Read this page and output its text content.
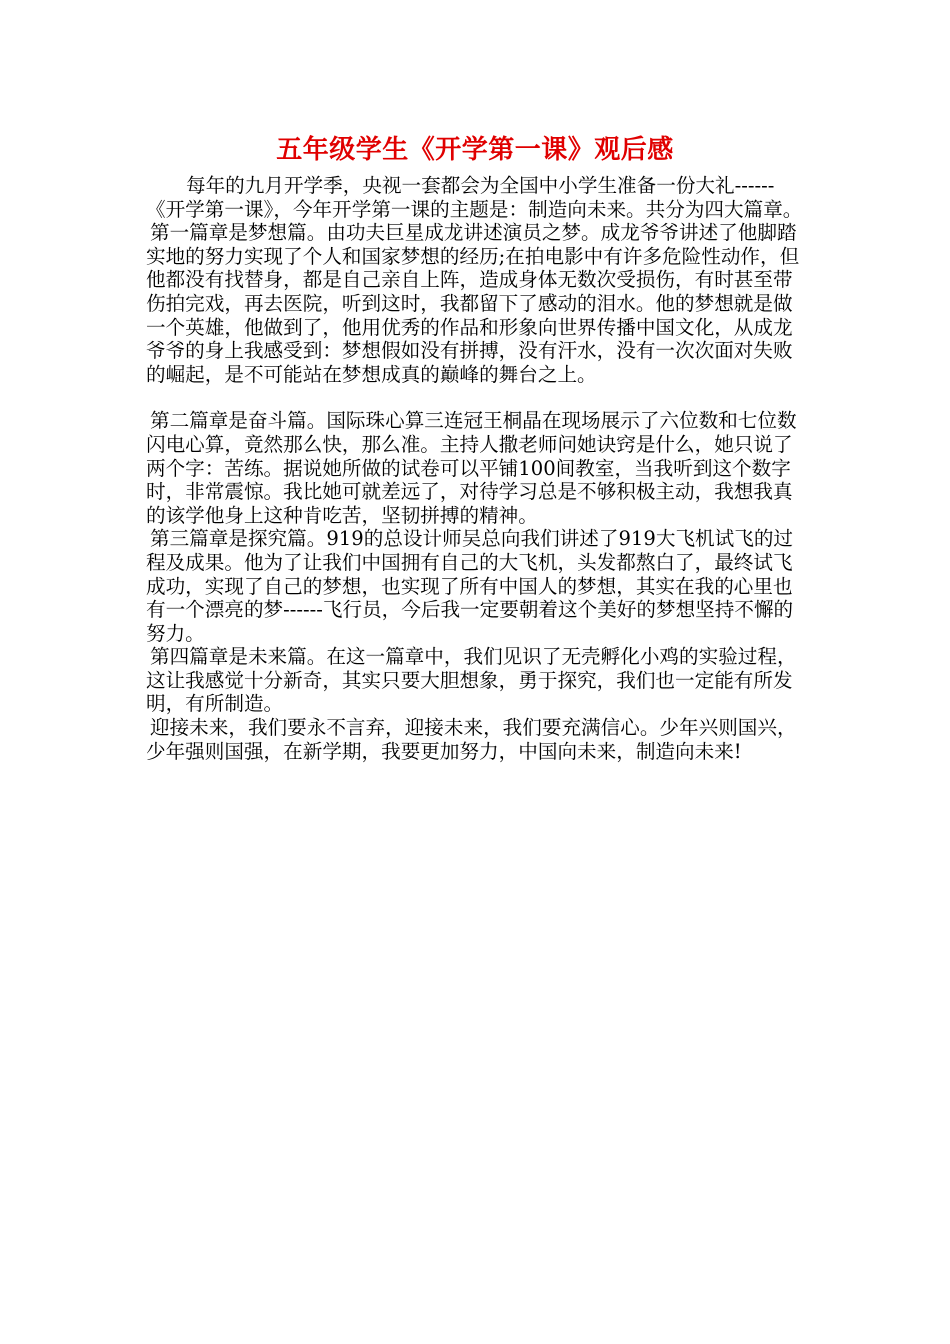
五年级学生《开学第一课》观后感

每年的九月开学季，央视一套都会为全国中小学生准备一份大礼------《开学第一课》，今年开学第一课的主题是：制造向未来。共分为四大篇章。

第一篇章是梦想篇。由功夫巨星成龙讲述演员之梦。成龙爷爷讲述了他脚踏实地的努力实现了个人和国家梦想的经历;在拍电影中有许多危险性动作，但他都没有找替身，都是自己亲自上阵，造成身体无数次受损伤，有时甚至带伤拍完戏，再去医院，听到这时，我都留下了感动的泪水。他的梦想就是做一个英雄，他做到了，他用优秀的作品和形象向世界传播中国文化，从成龙爷爷的身上我感受到：梦想假如没有拼搏，没有汗水，没有一次次面对失败的崛起，是不可能站在梦想成真的巅峰的舞台之上。

第二篇章是奋斗篇。国际珠心算三连冠王桐晶在现场展示了六位数和七位数闪电心算，竟然那么快，那么准。主持人撒老师问她诀窍是什么，她只说了两个字：苦练。据说她所做的试卷可以平铺100间教室，当我听到这个数字时，非常震惊。我比她可就差远了，对待学习总是不够积极主动，我想我真的该学他身上这种肯吃苦，坚韧拼搏的精神。

第三篇章是探究篇。919的总设计师吴总向我们讲述了919大飞机试飞的过程及成果。他为了让我们中国拥有自己的大飞机，头发都熬白了，最终试飞成功，实现了自己的梦想，也实现了所有中国人的梦想，其实在我的心里也有一个漂亮的梦------飞行员，今后我一定要朝着这个美好的梦想坚持不懈的努力。

第四篇章是未来篇。在这一篇章中，我们见识了无壳孵化小鸡的实验过程，这让我感觉十分新奇，其实只要大胆想象，勇于探究，我们也一定能有所发明，有所制造。

迎接未来，我们要永不言弃，迎接未来，我们要充满信心。少年兴则国兴，少年强则国强，在新学期，我要更加努力，中国向未来，制造向未来!
